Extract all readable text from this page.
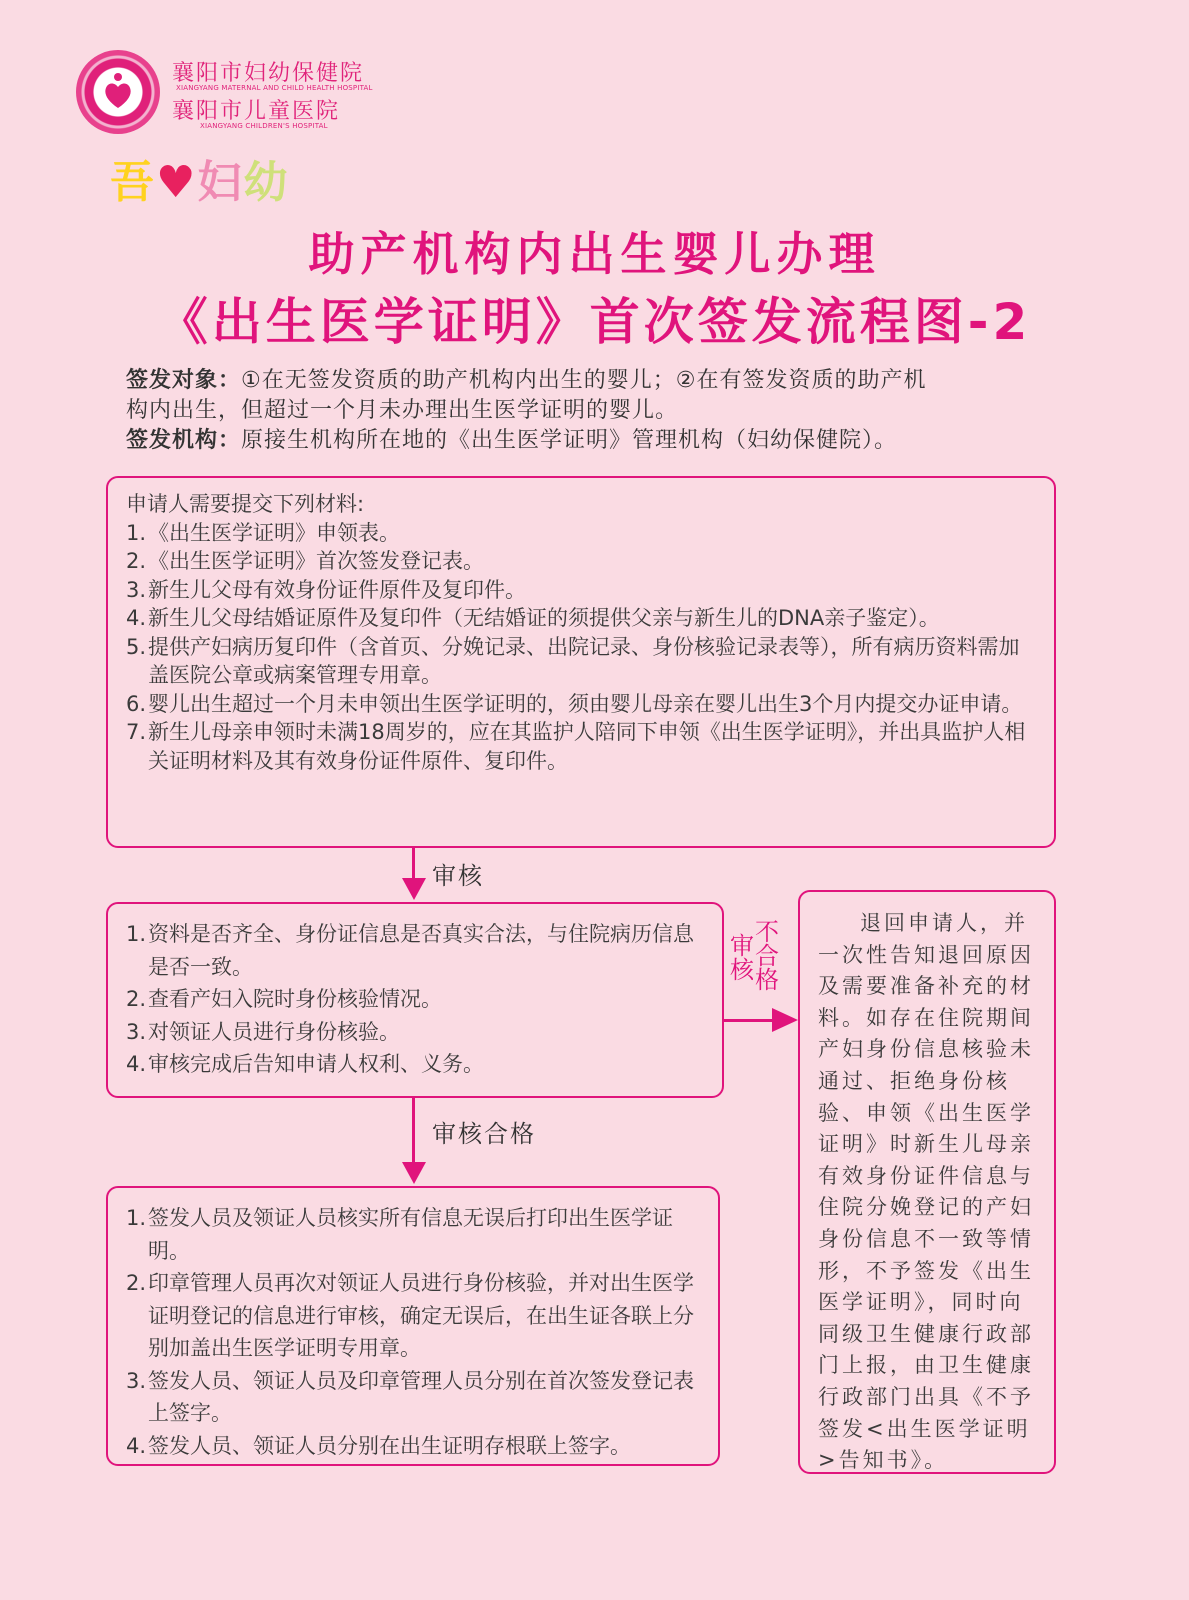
襄阳市妇幼保健院
XIANGYANG MATERNAL AND CHILD HEALTH HOSPITAL
襄阳市儿童医院
XIANGYANG CHILDREN'S HOSPITAL
吾♥妇幼
助产机构内出生婴儿办理
《出生医学证明》首次签发流程图-2
签发对象：①在无签发资质的助产机构内出生的婴儿；②在有签发资质的助产机
构内出生，但超过一个月未办理出生医学证明的婴儿。
签发机构：原接生机构所在地的《出生医学证明》管理机构（妇幼保健院）。
申请人需要提交下列材料:
1. 《出生医学证明》申领表。
2. 《出生医学证明》首次签发登记表。
3. 新生儿父母有效身份证件原件及复印件。
4. 新生儿父母结婚证原件及复印件（无结婚证的须提供父亲与新生儿的DNA亲子鉴定）。
5. 提供产妇病历复印件（含首页、分娩记录、出院记录、身份核验记录表等），所有病历资料需加盖医院公章或病案管理专用章。
6. 婴儿出生超过一个月未申领出生医学证明的，须由婴儿母亲在婴儿出生3个月内提交办证申请。
7. 新生儿母亲申领时未满18周岁的，应在其监护人陪同下申领《出生医学证明》，并出具监护人相关证明材料及其有效身份证件原件、复印件。
审核
1. 资料是否齐全、身份证信息是否真实合法，与住院病历信息是否一致。
2. 查看产妇入院时身份核验情况。
3. 对领证人员进行身份核验。
4. 审核完成后告知申请人权利、义务。
审核
不合格
审核合格
1. 签发人员及领证人员核实所有信息无误后打印出生医学证明。
2. 印章管理人员再次对领证人员进行身份核验，并对出生医学证明登记的信息进行审核，确定无误后，在出生证各联上分别加盖出生医学证明专用章。
3. 签发人员、领证人员及印章管理人员分别在首次签发登记表上签字。
4. 签发人员、领证人员分别在出生证明存根联上签字。

退回申请人，并一次性告知退回原因及需要准备补充的材料。如存在住院期间产妇身份信息核验未通过、拒绝身份核验、申领《出生医学证明》时新生儿母亲有效身份证件信息与住院分娩登记的产妇身份信息不一致等情形，不予签发《出生医学证明》，同时向同级卫生健康行政部门上报，由卫生健康行政部门出具《不予签发<出生医学证明>告知书》。
